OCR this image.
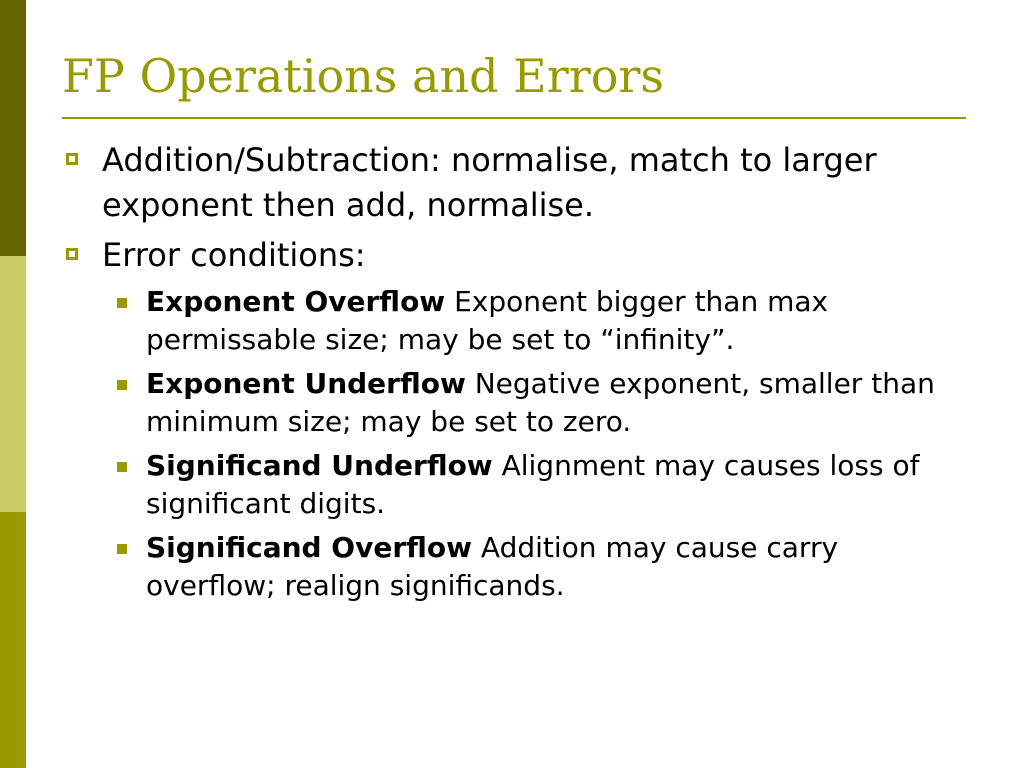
FP Operations and Errors
Addition/Subtraction: normalise, match to larger exponent then add, normalise.
Error conditions:
Exponent Overflow Exponent bigger than max permissable size; may be set to “infinity”.
Exponent Underflow Negative exponent, smaller than minimum size; may be set to zero.
Significand Underflow Alignment may causes loss of significant digits.
Significand Overflow Addition may cause carry overflow; realign significands.
